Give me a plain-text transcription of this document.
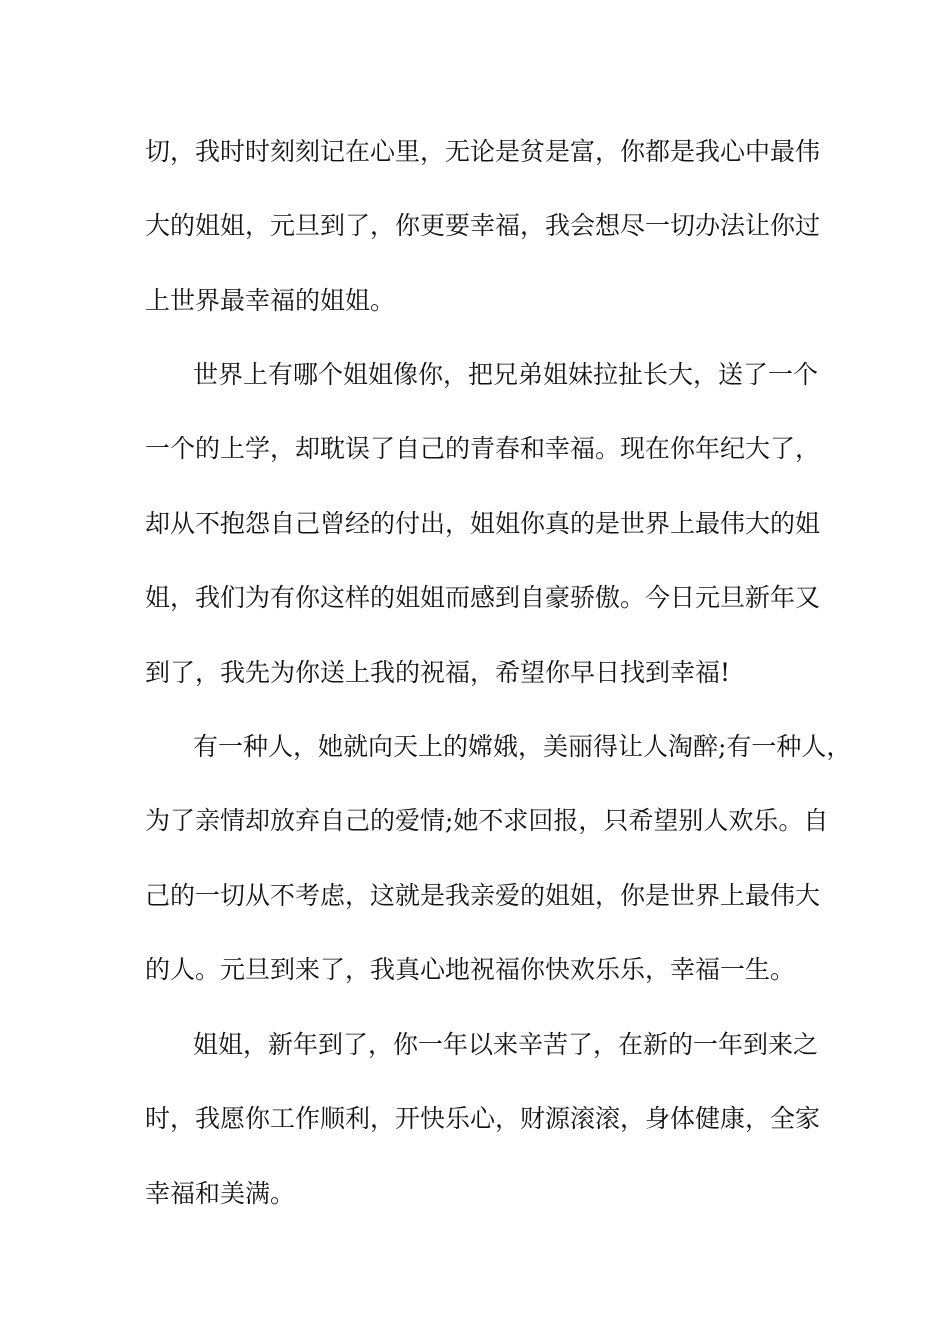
切，我时时刻刻记在心里，无论是贫是富，你都是我心中最伟

大的姐姐，元旦到了，你更要幸福，我会想尽一切办法让你过

上世界最幸福的姐姐。

世界上有哪个姐姐像你，把兄弟姐妹拉扯长大，送了一个

一个的上学，却耽误了自己的青春和幸福。现在你年纪大了，

却从不抱怨自己曾经的付出，姐姐你真的是世界上最伟大的姐

姐，我们为有你这样的姐姐而感到自豪骄傲。今日元旦新年又

到了，我先为你送上我的祝福，希望你早日找到幸福!

有一种人，她就向天上的嫦娥，美丽得让人淘醉;有一种人，

为了亲情却放弃自己的爱情;她不求回报，只希望别人欢乐。自

己的一切从不考虑，这就是我亲爱的姐姐，你是世界上最伟大

的人。元旦到来了，我真心地祝福你快欢乐乐，幸福一生。

姐姐，新年到了，你一年以来辛苦了，在新的一年到来之

时，我愿你工作顺利，开快乐心，财源滚滚，身体健康，全家

幸福和美满。
